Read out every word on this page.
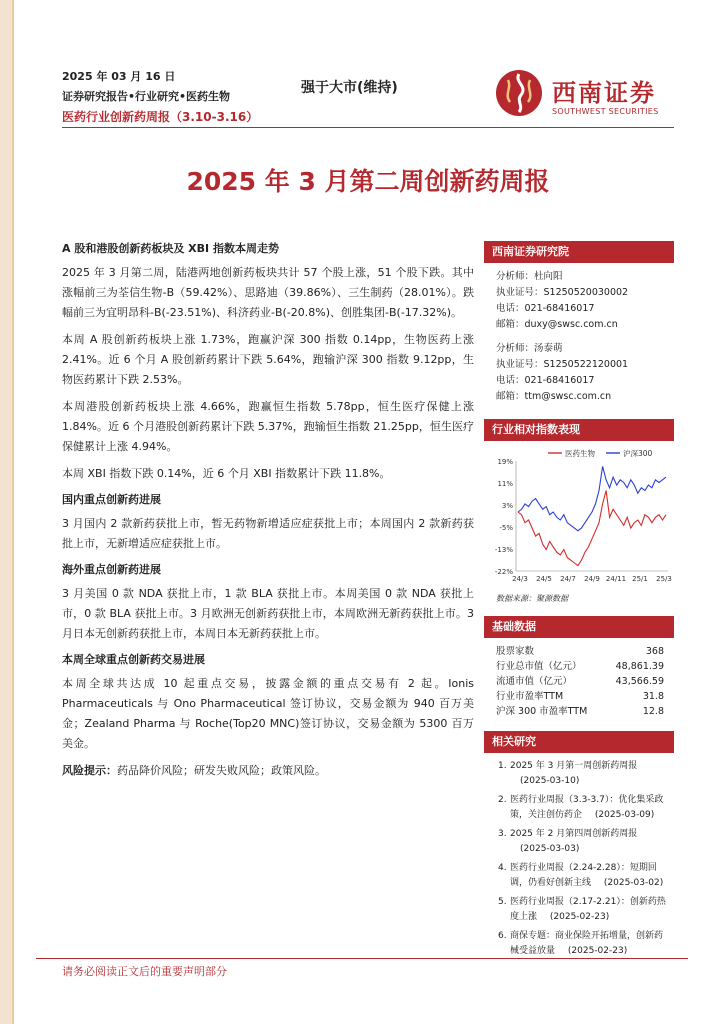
2025 年 03 月 16 日
证券研究报告•行业研究•医药生物
医药行业创新药周报（3.10-3.16）
强于大市(维持)	西南证券
SOUTHWEST SECURITIES
2025 年 3 月第二周创新药周报
A 股和港股创新药板块及 XBI 指数本周走势

2025 年 3 月第二周，陆港两地创新药板块共计 57 个股上涨，51 个股下跌。其中涨幅前三为荃信生物-B（59.42%）、思路迪（39.86%）、三生制药（28.01%）。跌幅前三为宜明昂科-B(-23.51%)、科济药业-B(-20.8%)、创胜集团-B(-17.32%)。

本周 A 股创新药板块上涨 1.73%，跑赢沪深 300 指数 0.14pp，生物医药上涨 2.41%。近 6 个月 A 股创新药累计下跌 5.64%，跑输沪深 300 指数 9.12pp，生物医药累计下跌 2.53%。

本周港股创新药板块上涨 4.66%，跑赢恒生指数 5.78pp，恒生医疗保健上涨 1.84%。近 6 个月港股创新药累计下跌 5.37%，跑输恒生指数 21.25pp，恒生医疗保健累计上涨 4.94%。

本周 XBI 指数下跌 0.14%，近 6 个月 XBI 指数累计下跌 11.8%。

国内重点创新药进展

3 月国内 2 款新药获批上市，暂无药物新增适应症获批上市；本周国内 2 款新药获批上市，无新增适应症获批上市。

海外重点创新药进展

3 月美国 0 款 NDA 获批上市，1 款 BLA 获批上市。本周美国 0 款 NDA 获批上市，0 款 BLA 获批上市。3 月欧洲无创新药获批上市，本周欧洲无新药获批上市。3 月日本无创新药获批上市，本周日本无新药获批上市。

本周全球重点创新药交易进展

本周全球共达成 10 起重点交易，披露金额的重点交易有 2 起。Ionis Pharmaceuticals 与 Ono Pharmaceutical 签订协议，交易金额为 940 百万美金；Zealand Pharma 与 Roche(Top20 MNC)签订协议，交易金额为 5300 百万美金。

风险提示：药品降价风险；研发失败风险；政策风险。

西南证券研究院

分析师：杜向阳

执业证号：S1250520030002

电话：021-68416017

邮箱：duxy@swsc.com.cn

分析师：汤泰萌

执业证号：S1250522120001

电话：021-68416017

邮箱：ttm@swsc.com.cn

行业相对指数表现
19%
11%
3%
-5%
-13%
-22%
24/3 24/5 24/7 24/9 24/11 25/1 25/3
医药生物	沪深300
数据来源：聚源数据
基础数据
股票家数	368
行业总市值（亿元）	48,861.39
流通市值（亿元）	43,566.59
行业市盈率TTM	31.8
沪深 300 市盈率TTM	12.8
相关研究
1. 2025 年 3 月第一周创新药周报 (2025-03-10)
2. 医药行业周报（3.3-3.7）：优化集采政策，关注创仿药企 (2025-03-09)
3. 2025 年 2 月第四周创新药周报 (2025-03-03)
4. 医药行业周报（2.24-2.28）：短期回调，仍看好创新主线 (2025-03-02)
5. 医药行业周报（2.17-2.21）：创新药热度上涨 (2025-02-23)
6. 商保专题：商业保险开拓增量，创新药械受益放量 (2025-02-23)
请务必阅读正文后的重要声明部分
